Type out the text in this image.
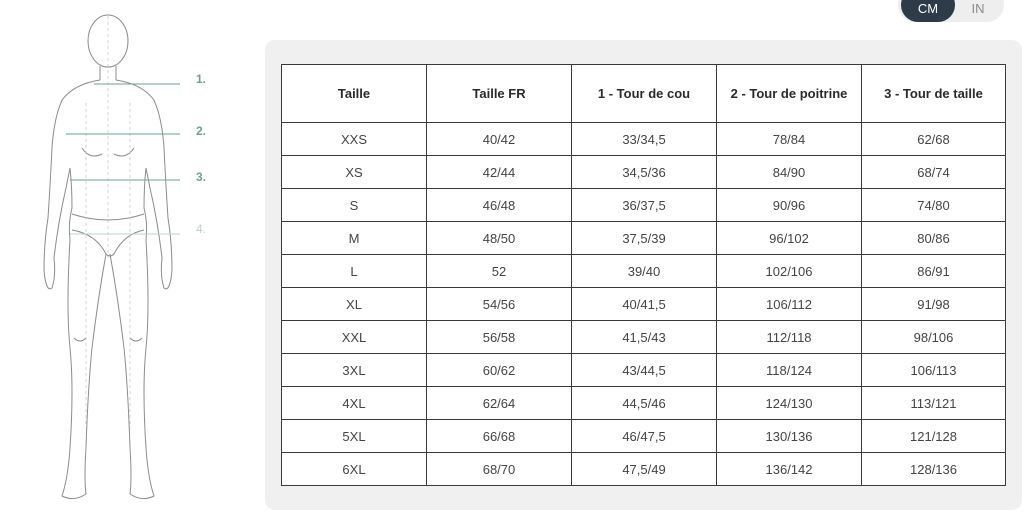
CM	IN
1.
2.
3.
4.
Taille	Taille FR	1 - Tour de cou	2 - Tour de poitrine	3 - Tour de taille
XXS	40/42	33/34,5	78/84	62/68
XS	42/44	34,5/36	84/90	68/74
S	46/48	36/37,5	90/96	74/80
M	48/50	37,5/39	96/102	80/86
L	52	39/40	102/106	86/91
XL	54/56	40/41,5	106/112	91/98
XXL	56/58	41,5/43	112/118	98/106
3XL	60/62	43/44,5	118/124	106/113
4XL	62/64	44,5/46	124/130	113/121
5XL	66/68	46/47,5	130/136	121/128
6XL	68/70	47,5/49	136/142	128/136
